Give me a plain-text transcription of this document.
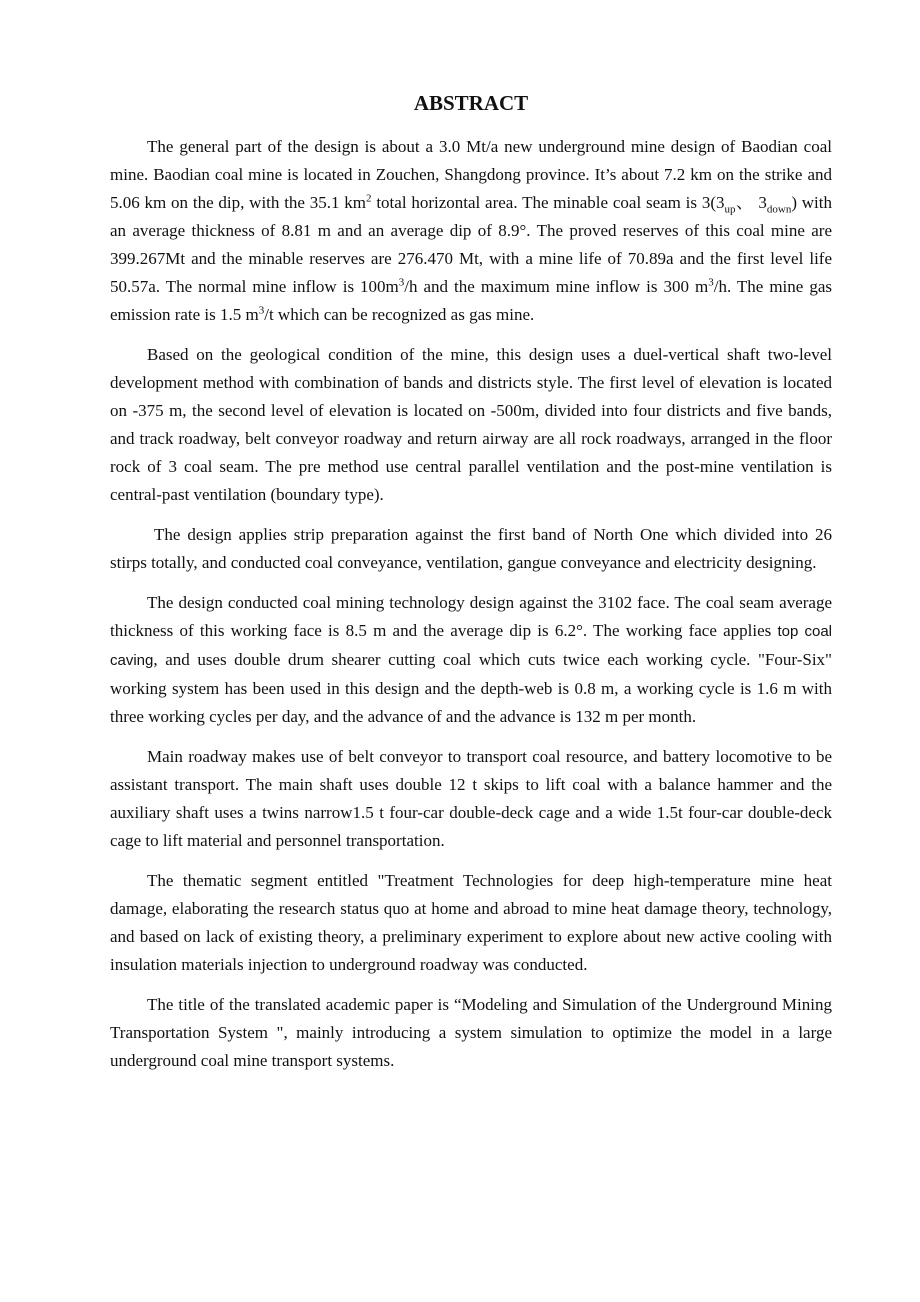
ABSTRACT

The general part of the design is about a 3.0 Mt/a new underground mine design of Baodian coal mine. Baodian coal mine is located in Zouchen, Shangdong province. It’s about 7.2 km on the strike and 5.06 km on the dip, with the 35.1 $km^2$ total horizontal area. The minable coal seam is $3(3_{up}$、 $3_{down}$) with an average thickness of 8.81 m and an average dip of 8.9°. The proved reserves of this coal mine are 399.267Mt and the minable reserves are 276.470 Mt, with a mine life of 70.89a and the first level life 50.57a. The normal mine inflow is $100m^3/h$ and the maximum mine inflow is 300 $m^3/h$. The mine gas emission rate is 1.5 $m^3/t$ which can be recognized as gas mine.

Based on the geological condition of the mine, this design uses a duel-vertical shaft two-level development method with combination of bands and districts style. The first level of elevation is located on -375 m, the second level of elevation is located on -500m, divided into four districts and five bands, and track roadway, belt conveyor roadway and return airway are all rock roadways, arranged in the floor rock of 3 coal seam. The pre method use central parallel ventilation and the post-mine ventilation is central-past ventilation (boundary type).

The design applies strip preparation against the first band of North One which divided into 26 stirps totally, and conducted coal conveyance, ventilation, gangue conveyance and electricity designing.

The design conducted coal mining technology design against the 3102 face. The coal seam average thickness of this working face is 8.5 m and the average dip is 6.2°. The working face applies top coal caving, and uses double drum shearer cutting coal which cuts twice each working cycle. "Four-Six" working system has been used in this design and the depth-web is 0.8 m, a working cycle is 1.6 m with three working cycles per day, and the advance of and the advance is 132 m per month.

Main roadway makes use of belt conveyor to transport coal resource, and battery locomotive to be assistant transport. The main shaft uses double 12 t skips to lift coal with a balance hammer and the auxiliary shaft uses a twins narrow1.5 t four-car double-deck cage and a wide 1.5t four-car double-deck cage to lift material and personnel transportation.

The thematic segment entitled "Treatment Technologies for deep high-temperature mine heat damage, elaborating the research status quo at home and abroad to mine heat damage theory, technology, and based on lack of existing theory, a preliminary experiment to explore about new active cooling with insulation materials injection to underground roadway was conducted.

The title of the translated academic paper is “Modeling and Simulation of the Underground Mining Transportation System ", mainly introducing a system simulation to optimize the model in a large underground coal mine transport systems.
